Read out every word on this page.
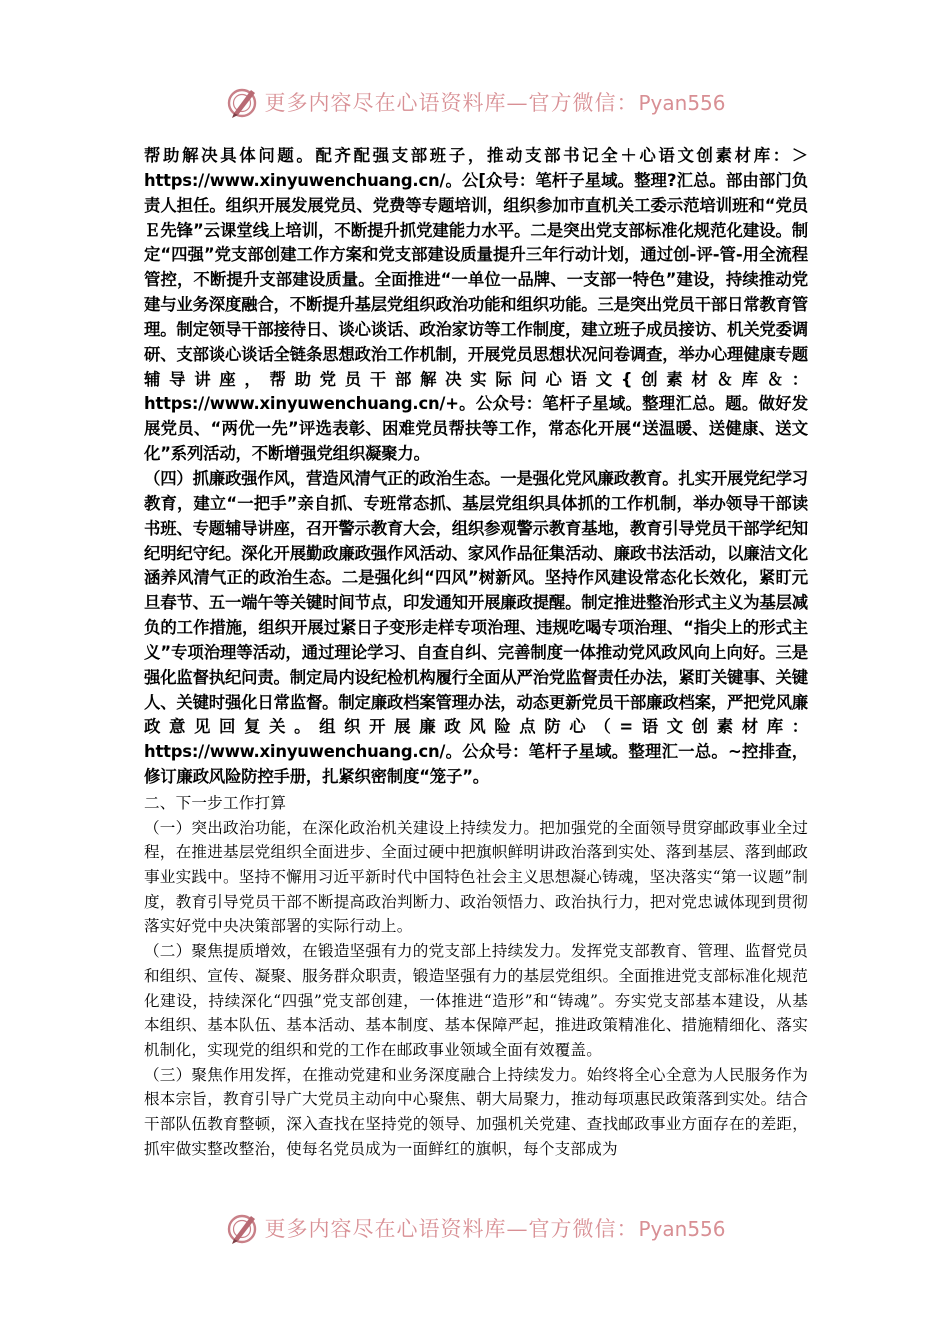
更多内容尽在心语资料库—官方微信：Pyan556

帮助解决具体问题。配齐配强支部班子，推动支部书记全＋心语文创素材库：＞https://www.xinyuwenchuang.cn/。公[众号：笔杆子星域。整理?汇总。部由部门负责人担任。组织开展发展党员、党费等专题培训，组织参加市直机关工委示范培训班和“党员Ｅ先锋”云课堂线上培训，不断提升抓党建能力水平。二是突出党支部标准化规范化建设。制定“四强”党支部创建工作方案和党支部建设质量提升三年行动计划，通过创-评-管-用全流程管控，不断提升支部建设质量。全面推进“一单位一品牌、一支部一特色”建设，持续推动党建与业务深度融合，不断提升基层党组织政治功能和组织功能。三是突出党员干部日常教育管理。制定领导干部接待日、谈心谈话、政治家访等工作制度，建立班子成员接访、机关党委调研、支部谈心谈话全链条思想政治工作机制，开展党员思想状况问卷调查，举办心理健康专题辅导讲座，帮助党员干部解决实际问心语文{创素材＆库＆：https://www.xinyuwenchuang.cn/+。公众号：笔杆子星域。整理汇总。题。做好发展党员、“两优一先”评选表彰、困难党员帮扶等工作，常态化开展“送温暖、送健康、送文化”系列活动，不断增强党组织凝聚力。

（四）抓廉政强作风，营造风清气正的政治生态。一是强化党风廉政教育。扎实开展党纪学习教育，建立“一把手”亲自抓、专班常态抓、基层党组织具体抓的工作机制，举办领导干部读书班、专题辅导讲座，召开警示教育大会，组织参观警示教育基地，教育引导党员干部学纪知纪明纪守纪。深化开展勤政廉政强作风活动、家风作品征集活动、廉政书法活动，以廉洁文化涵养风清气正的政治生态。二是强化纠“四风”树新风。坚持作风建设常态化长效化，紧盯元旦春节、五一端午等关键时间节点，印发通知开展廉政提醒。制定推进整治形式主义为基层减负的工作措施，组织开展过紧日子变形走样专项治理、违规吃喝专项治理、“指尖上的形式主义”专项治理等活动，通过理论学习、自查自纠、完善制度一体推动党风政风向上向好。三是强化监督执纪问责。制定局内设纪检机构履行全面从严治党监督责任办法，紧盯关键事、关键人、关键时强化日常监督。制定廉政档案管理办法，动态更新党员干部廉政档案，严把党风廉政意见回复关。组织开展廉政风险点防心（=语文创素材库：https://www.xinyuwenchuang.cn/。公众号：笔杆子星域。整理汇一总。~控排查，修订廉政风险防控手册，扎紧织密制度“笼子”。

二、下一步工作打算

（一）突出政治功能，在深化政治机关建设上持续发力。把加强党的全面领导贯穿邮政事业全过程，在推进基层党组织全面进步、全面过硬中把旗帜鲜明讲政治落到实处、落到基层、落到邮政事业实践中。坚持不懈用习近平新时代中国特色社会主义思想凝心铸魂，坚决落实“第一议题”制度，教育引导党员干部不断提高政治判断力、政治领悟力、政治执行力，把对党忠诚体现到贯彻落实好党中央决策部署的实际行动上。

（二）聚焦提质增效，在锻造坚强有力的党支部上持续发力。发挥党支部教育、管理、监督党员和组织、宣传、凝聚、服务群众职责，锻造坚强有力的基层党组织。全面推进党支部标准化规范化建设，持续深化“四强”党支部创建，一体推进“造形”和“铸魂”。夯实党支部基本建设，从基本组织、基本队伍、基本活动、基本制度、基本保障严起，推进政策精准化、措施精细化、落实机制化，实现党的组织和党的工作在邮政事业领域全面有效覆盖。

（三）聚焦作用发挥，在推动党建和业务深度融合上持续发力。始终将全心全意为人民服务作为根本宗旨，教育引导广大党员主动向中心聚焦、朝大局聚力，推动每项惠民政策落到实处。结合干部队伍教育整顿，深入查找在坚持党的领导、加强机关党建、查找邮政事业方面存在的差距，抓牢做实整改整治，使每名党员成为一面鲜红的旗帜，每个支部成为

更多内容尽在心语资料库—官方微信：Pyan556
